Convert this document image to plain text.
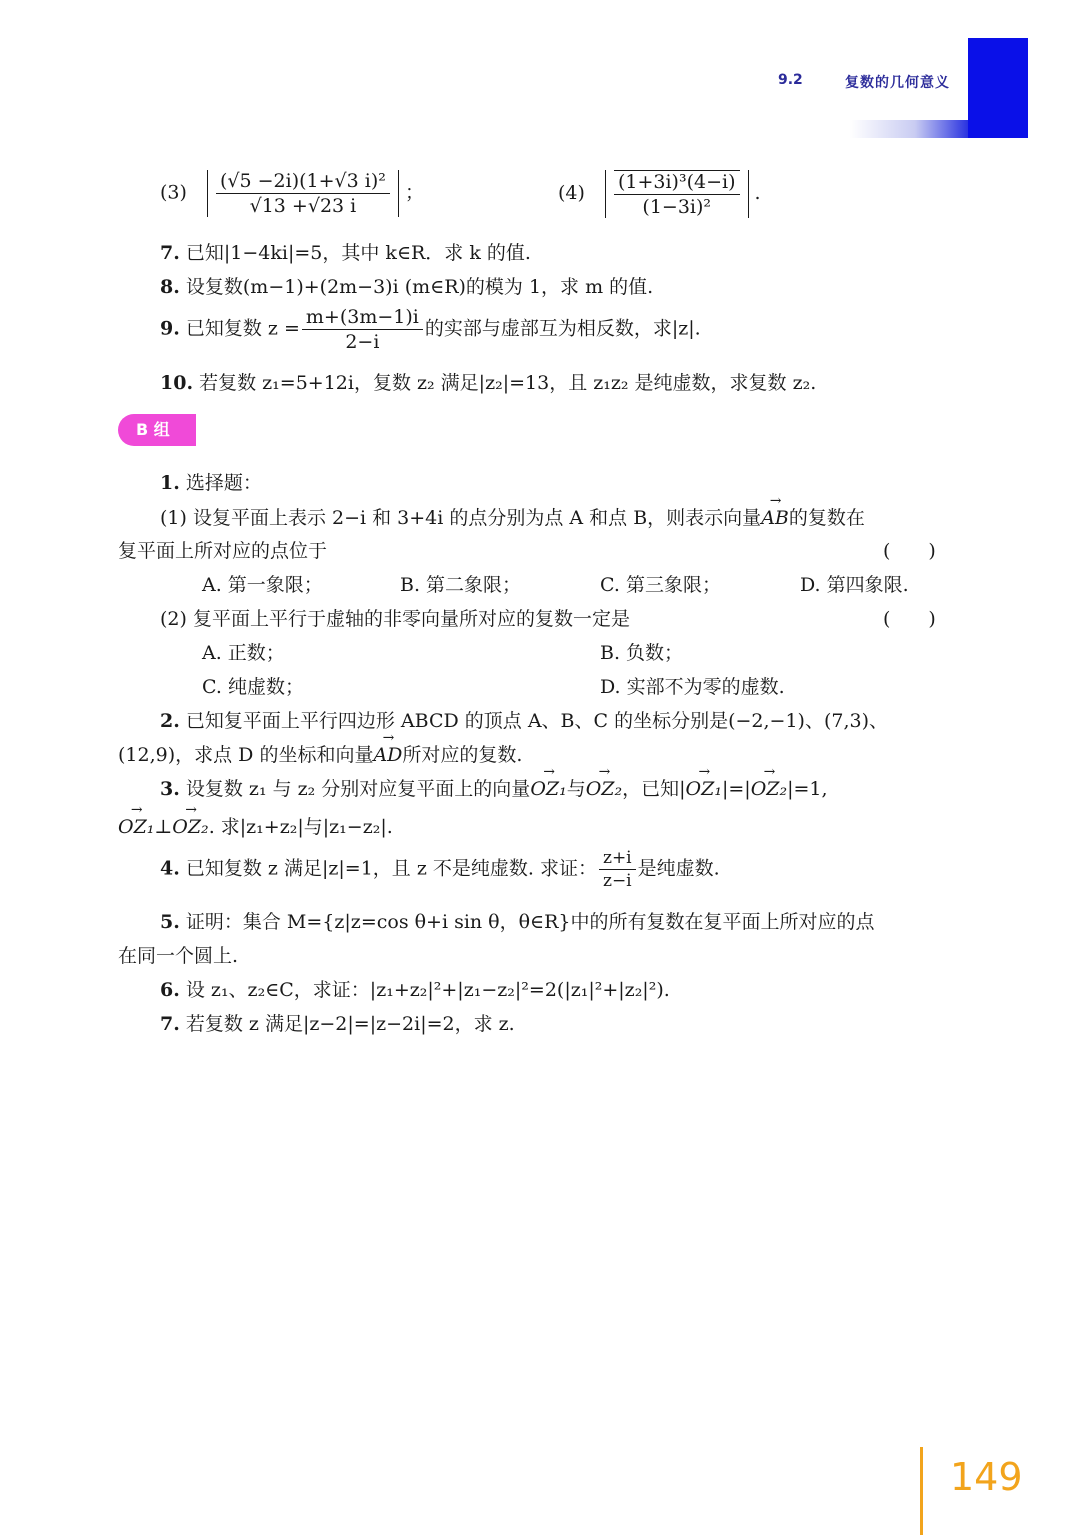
9.2	复数的几何意义
$(3) \frac{\text{(√5 −2i)(1+√3 i)²}}{√13 +√23 i}$ ；	$(4) \frac{\text{(1+3i)³(4−i)}}{\text{(1−3i)²}}$ .
7. 已知|1−4ki|=5，其中 k∈R．求 k 的值.
8. 设复数(m−1)+(2m−3)i (m∈R)的模为 1，求 m 的值.
9. 已知复数 $z = \frac{m+(3m-1)i}{2-i}$ 的实部与虚部互为相反数，求|z|.
10. 若复数 z₁=5+12i，复数 z₂ 满足|z₂|=13，且 z₁z₂ 是纯虚数，求复数 z₂.
B 组
1. 选择题：
(1) 设复平面上表示 2−i 和 3+4i 的点分别为点 A 和点 B，则表示向量→ AB的复数在
复平面上所对应的点位于	(　　)
A. 第一象限；	B. 第二象限；	C. 第三象限；	D. 第四象限.
(2) 复平面上平行于虚轴的非零向量所对应的复数一定是	(　　)
A. 正数；	B. 负数；
C. 纯虚数；	D. 实部不为零的虚数.
2. 已知复平面上平行四边形 ABCD 的顶点 A、B、C 的坐标分别是(−2,−1)、(7,3)、
(12,9)，求点 D 的坐标和向量→ AD所对应的复数.
3. 设复数 z₁ 与 z₂ 分别对应复平面上的向量→ OZ₁与→ OZ₂，已知|→ OZ₁|=|→ OZ₂|=1,
→ OZ₁⊥→ OZ₂. 求|z₁+z₂|与|z₁−z₂|.
4. 已知复数 z 满足|z|=1，且 z 不是纯虚数. 求证： $\frac{z+i}{z-i}$ 是纯虚数.
5. 证明：集合 M={z|z=cos θ+i sin θ，θ∈R}中的所有复数在复平面上所对应的点
在同一个圆上.
6. 设 z₁、z₂∈C，求证：|z₁+z₂|²+|z₁−z₂|²=2(|z₁|²+|z₂|²).
7. 若复数 z 满足|z−2|=|z−2i|=2，求 z.
149
